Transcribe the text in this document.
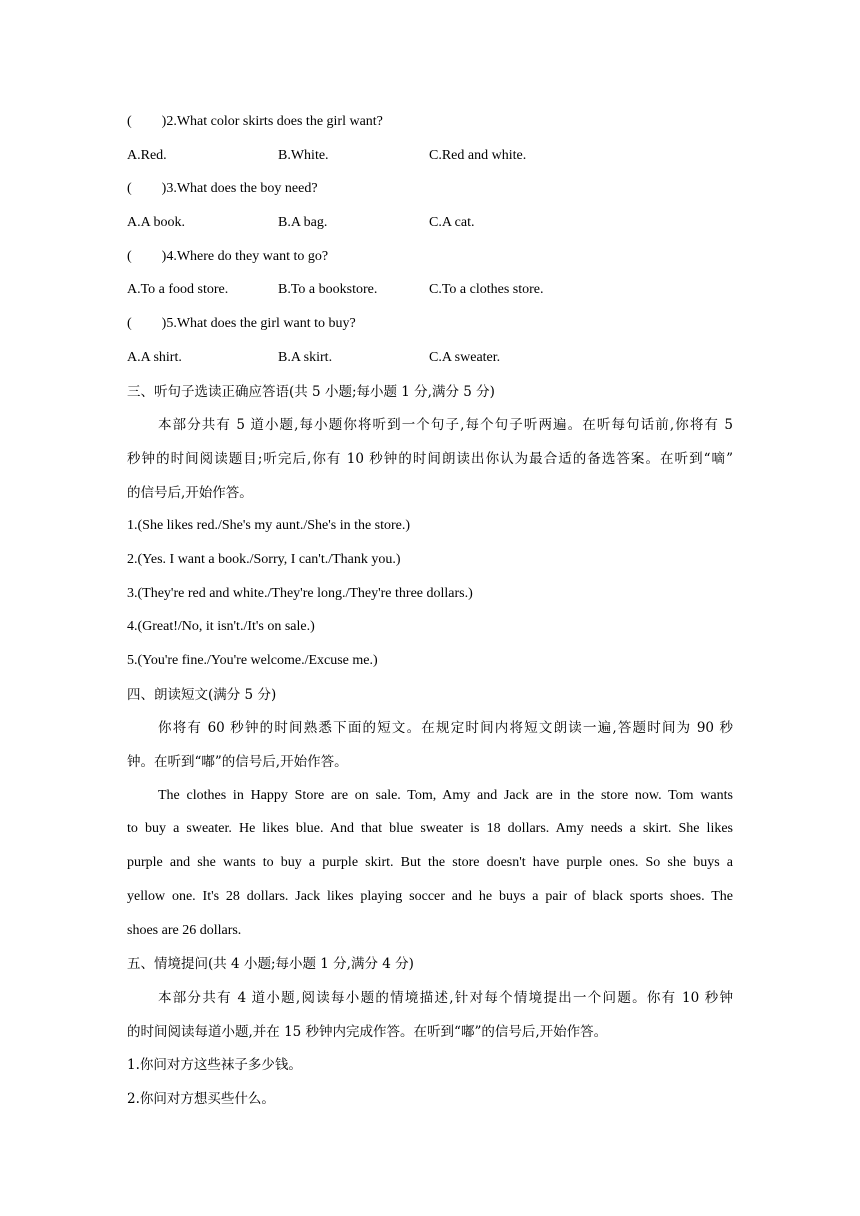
( )2.What color skirts does the girl want?
A.Red.	B.White.	C.Red and white.
( )3.What does the boy need?
A.A book.	B.A bag.	C.A cat.
( )4.Where do they want to go?
A.To a food store.	B.To a bookstore.	C.To a clothes store.
( )5.What does the girl want to buy?
A.A shirt.	B.A skirt.	C.A sweater.
三、听句子选读正确应答语(共 5 小题;每小题 1 分,满分 5 分)
本部分共有 5 道小题,每小题你将听到一个句子,每个句子听两遍。在听每句话前,你将有 5
秒钟的时间阅读题目;听完后,你有 10 秒钟的时间朗读出你认为最合适的备选答案。在听到“嘀”
的信号后,开始作答。
1.(She likes red./She's my aunt./She's in the store.)
2.(Yes. I want a book./Sorry, I can't./Thank you.)
3.(They're red and white./They're long./They're three dollars.)
4.(Great!/No, it isn't./It's on sale.)
5.(You're fine./You're welcome./Excuse me.)
四、朗读短文(满分 5 分)
你将有 60 秒钟的时间熟悉下面的短文。在规定时间内将短文朗读一遍,答题时间为 90 秒
钟。在听到“嘟”的信号后,开始作答。
The clothes in Happy Store are on sale. Tom, Amy and Jack are in the store now. Tom wants
to buy a sweater. He likes blue. And that blue sweater is 18 dollars. Amy needs a skirt. She likes
purple and she wants to buy a purple skirt. But the store doesn't have purple ones. So she buys a
yellow one. It's 28 dollars. Jack likes playing soccer and he buys a pair of black sports shoes. The
shoes are 26 dollars.
五、情境提问(共 4 小题;每小题 1 分,满分 4 分)
本部分共有 4 道小题,阅读每小题的情境描述,针对每个情境提出一个问题。你有 10 秒钟
的时间阅读每道小题,并在 15 秒钟内完成作答。在听到“嘟”的信号后,开始作答。
1.你问对方这些袜子多少钱。
2.你问对方想买些什么。
